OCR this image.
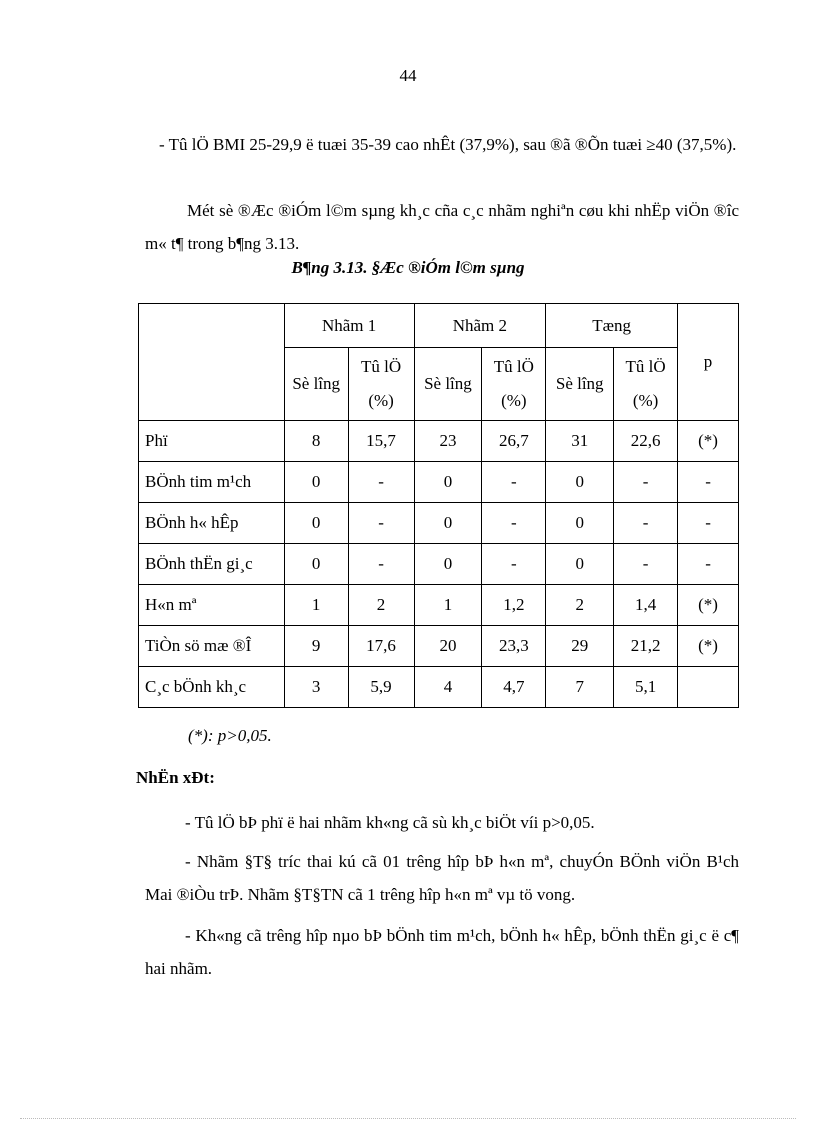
44

- Tû lÖ BMI 25-29,9 ë tuæi 35-39 cao nhÊt (37,9%), sau ®ã ®Õn tuæi ≥40 (37,5%).

Mét sè ®Æc ®iÓm l©m sµng kh¸c cña c¸c nhãm nghiªn cøu khi nhËp viÖn ®îc m« t¶ trong b¶ng 3.13.

B¶ng 3.13. §Æc ®iÓm l©m sµng
	Nhãm 1		Nhãm 2		Tæng		p
	Sè lîng	Tû lÖ (%)	Sè lîng	Tû lÖ (%)	Sè lîng	Tû lÖ (%)	
Phï	8	15,7	23	26,7	31	22,6	(*)
BÖnh tim m¹ch	0	-	0	-	0	-	-
BÖnh h« hÊp	0	-	0	-	0	-	-
BÖnh thËn gi¸c	0	-	0	-	0	-	-
H«n mª	1	2	1	1,2	2	1,4	(*)
TiÒn sö mæ ®Î	9	17,6	20	23,3	29	21,2	(*)
C¸c bÖnh kh¸c	3	5,9	4	4,7	7	5,1	
(*): p>0,05.
NhËn xÐt:

- Tû lÖ bÞ phï ë hai nhãm kh«ng cã sù kh¸c biÖt víi p>0,05.

- Nhãm §T§ tríc thai kú cã 01 trêng hîp bÞ h«n mª, chuyÓn BÖnh viÖn B¹ch Mai ®iÒu trÞ. Nhãm §T§TN cã 1 trêng hîp h«n mª vµ tö vong.

- Kh«ng cã trêng hîp nµo bÞ bÖnh tim m¹ch, bÖnh h« hÊp, bÖnh thËn gi¸c ë c¶ hai nhãm.
